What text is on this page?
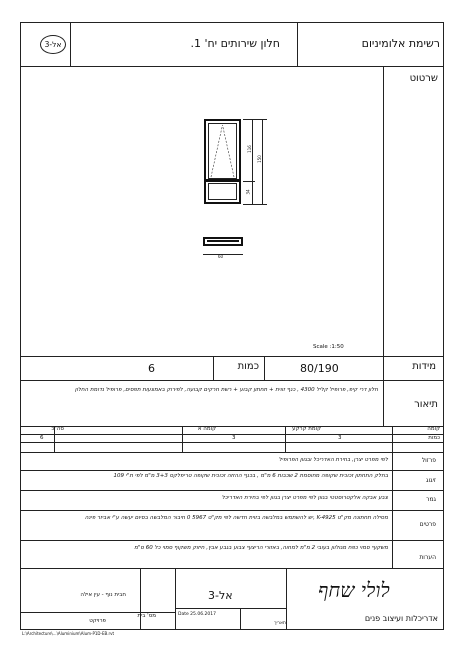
רשימת אלומיניום
חלון שירותים יח' 1.
אל-3
שרטוט
116
34
150
60
Scale :1:50
מידות
80/190
כמות
6
תיאור
חלון דרי קיפ, פרופיל קליל 4300 , כנף זווית + תחתון קבוע + רשת חרקים קבועה, לפירוק באמצעות תפסים, פרופיל נדומת החלון
קומה
קומת קרקע
קומה א
סה"כ
כמות
3
3
6
פרזול
לפי מפרט יצרן, בחירת האדריכל ובגוון הפרופיל
זיגוג
בחלק התחתון זכוכית שקופה מחוסמת 2 שכבות 6 מ"מ , בכנף ההזזה זכוכית שקופה טריפלקס 3+3 מ"מ לפי ת"י 109
גמר
צבע אבקה אלקטרוסטטי בגוון לפי מפרט יצרן בגוון לפי בחירת האדריכל
פרטים
מסילה תחתונה מק"ט K-4925 ,יש להשתמש במלבשה בזוית חדשה לפי מק"ט 5967 0 חיבור המלבשה בסיום יעשה ע"י אביזר פינה
הערות
משקוף סמוי כפח מגולוון בעובי 2 מ"מ למחוה, באזורי הריצוף צבוע בגבע אבץ, חיזוק משקוף סמוי כל 60 ס"מ
לולי שחף
אדריכלות ועיצוב פנים
אל-3
Date 25.06.2017
תאריך
מס' בית
חבית נוף - עין אילה
פרויקט
L:\Architecture\...\Aluminium\Alum-P1D-EB.rvt
